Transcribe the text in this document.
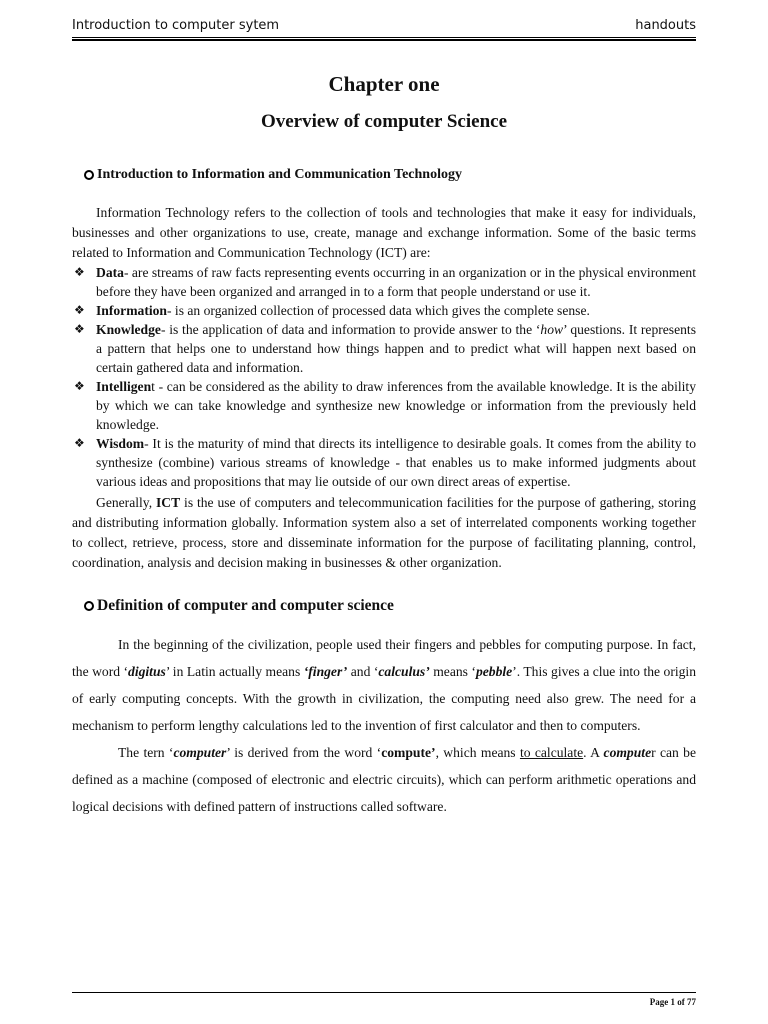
Introduction to computer sytem	handouts
Chapter one
Overview of computer Science
Introduction to Information and Communication Technology

Information Technology refers to the collection of tools and technologies that make it easy for individuals, businesses and other organizations to use, create, manage and exchange information. Some of the basic terms related to Information and Communication Technology (ICT) are:

❖ Data- are streams of raw facts representing events occurring in an organization or in the physical environment before they have been organized and arranged in to a form that people understand or use it.
❖ Information- is an organized collection of processed data which gives the complete sense.
❖ Knowledge- is the application of data and information to provide answer to the ‘how’ questions. It represents a pattern that helps one to understand how things happen and to predict what will happen next based on certain gathered data and information.
❖ Intelligent - can be considered as the ability to draw inferences from the available knowledge. It is the ability by which we can take knowledge and synthesize new knowledge or information from the previously held knowledge.
❖ Wisdom- It is the maturity of mind that directs its intelligence to desirable goals. It comes from the ability to synthesize (combine) various streams of knowledge - that enables us to make informed judgments about various ideas and propositions that may lie outside of our own direct areas of expertise.

Generally, ICT is the use of computers and telecommunication facilities for the purpose of gathering, storing and distributing information globally. Information system also a set of interrelated components working together to collect, retrieve, process, store and disseminate information for the purpose of facilitating planning, control, coordination, analysis and decision making in businesses & other organization.

Definition of computer and computer science

In the beginning of the civilization, people used their fingers and pebbles for computing purpose. In fact, the word ‘digitus’ in Latin actually means ‘finger’ and ‘calculus’ means ‘pebble’. This gives a clue into the origin of early computing concepts. With the growth in civilization, the computing need also grew. The need for a mechanism to perform lengthy calculations led to the invention of first calculator and then to computers.

The tern ‘computer’ is derived from the word ‘compute’, which means to calculate. A computer can be defined as a machine (composed of electronic and electric circuits), which can perform arithmetic operations and logical decisions with defined pattern of instructions called software.

Page 1 of 77
